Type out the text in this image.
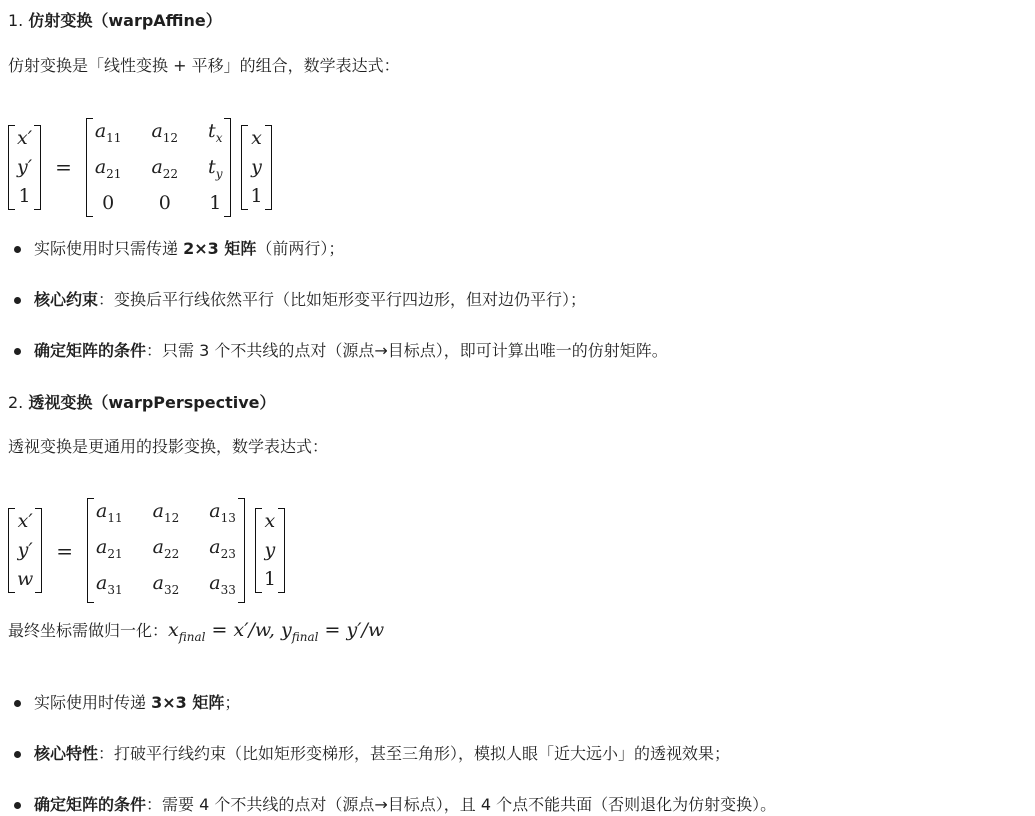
1. 仿射变换（warpAffine）
仿射变换是「线性变换 + 平移」的组合，数学表达式：
x′
y′
1
=
$a_{11}$ $a_{12}$ $t_x$
$a_{21}$ $a_{22}$ $t_y$
0	0	1
x
y
1
实际使用时只需传递 2×3 矩阵（前两行）；
核心约束：变换后平行线依然平行（比如矩形变平行四边形，但对边仍平行）；
确定矩阵的条件：只需 3 个不共线的点对（源点→目标点），即可计算出唯一的仿射矩阵。
2. 透视变换（warpPerspective）
透视变换是更通用的投影变换，数学表达式：
x′
y′
w
=
$a_{11}$ $a_{12}$ $a_{13}$
$a_{21}$ $a_{22}$ $a_{23}$
$a_{31}$ $a_{32}$ $a_{33}$
x
y
1
最终坐标需做归一化：$x_{final} = x'/w$, $y_{final} = y'/w$
实际使用时传递 3×3 矩阵；
核心特性：打破平行线约束（比如矩形变梯形，甚至三角形），模拟人眼「近大远小」的透视效果；
确定矩阵的条件：需要 4 个不共线的点对（源点→目标点），且 4 个点不能共面（否则退化为仿射变换）。
